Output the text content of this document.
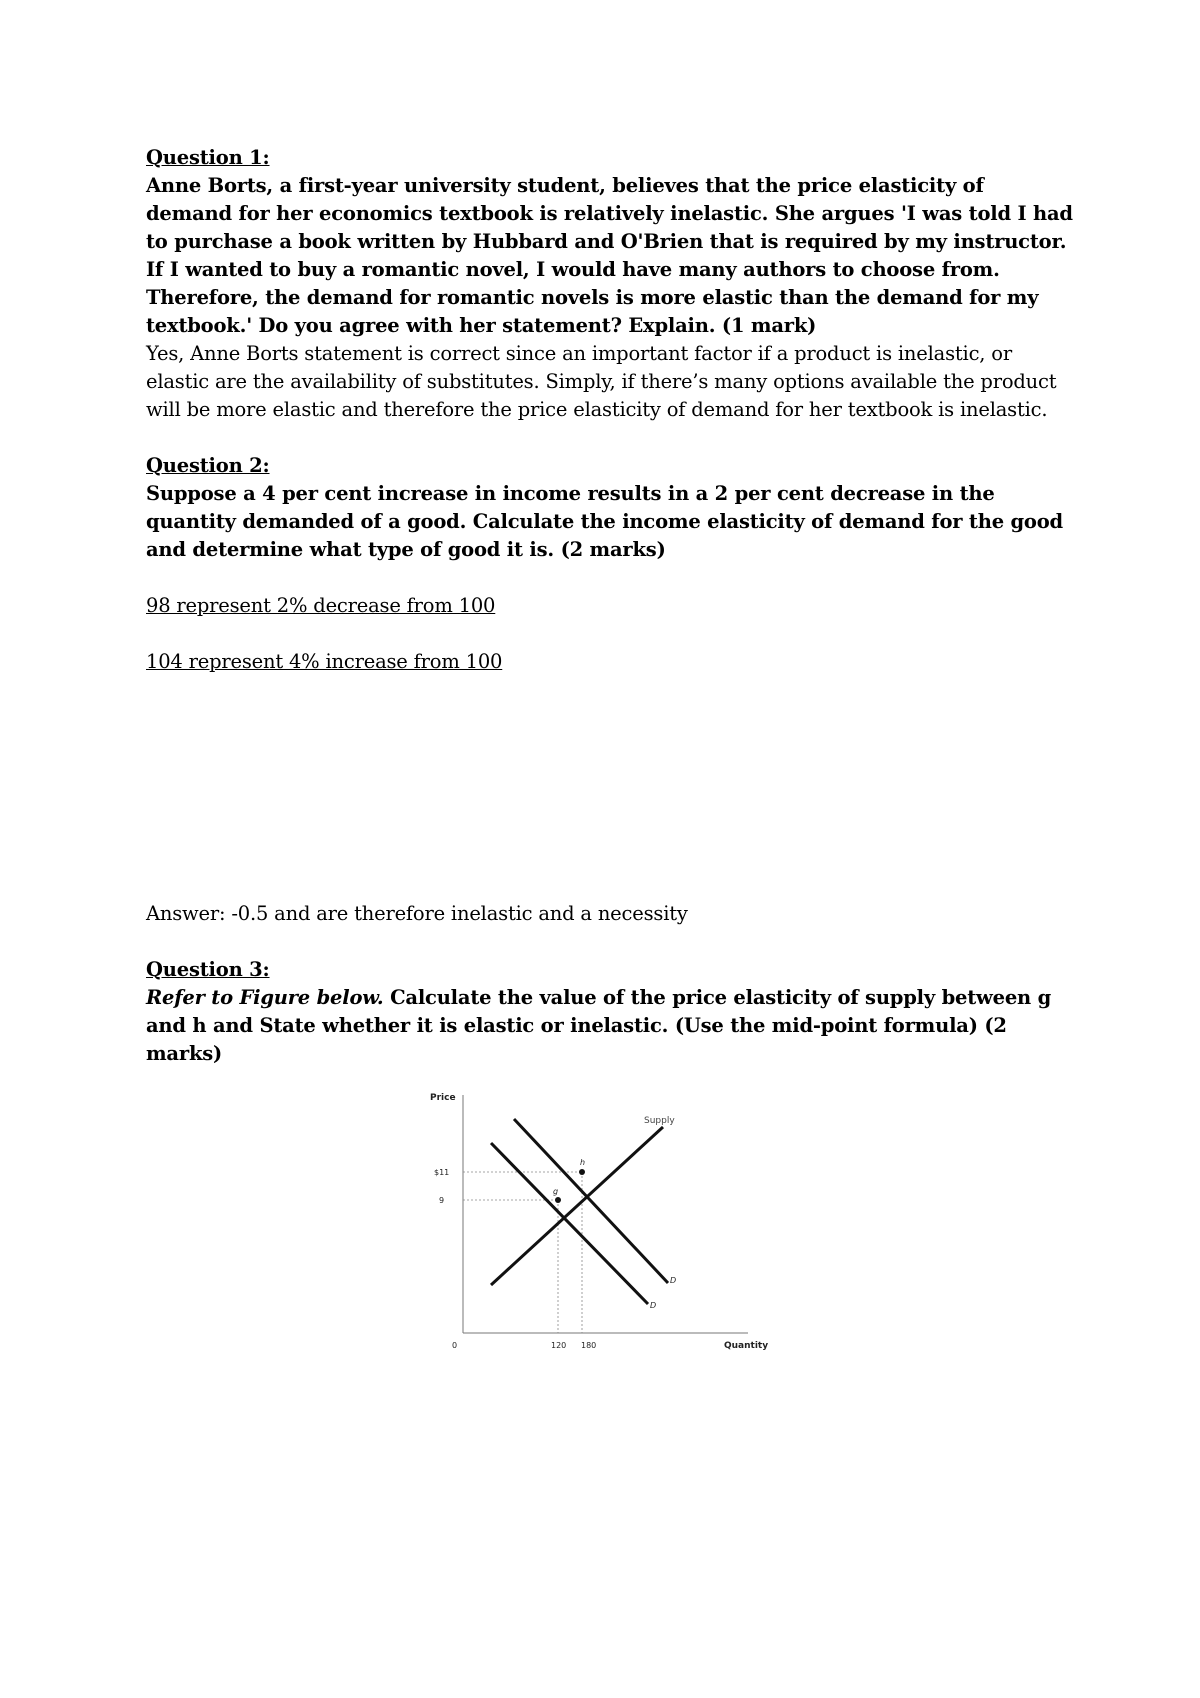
Question 1:
Anne Borts, a first-year university student, believes that the price elasticity of demand for her economics textbook is relatively inelastic. She argues 'I was told I had to purchase a book written by Hubbard and O'Brien that is required by my instructor. If I wanted to buy a romantic novel, I would have many authors to choose from. Therefore, the demand for romantic novels is more elastic than the demand for my textbook.' Do you agree with her statement? Explain. (1 mark)
Yes, Anne Borts statement is correct since an important factor if a product is inelastic, or elastic are the availability of substitutes. Simply, if there’s many options available the product will be more elastic and therefore the price elasticity of demand for her textbook is inelastic.
Question 2:
Suppose a 4 per cent increase in income results in a 2 per cent decrease in the quantity demanded of a good. Calculate the income elasticity of demand for the good and determine what type of good it is. (2 marks)
98 represent 2% decrease from 100
104 represent 4% increase from 100
Answer: -0.5 and are therefore inelastic and a necessity
Question 3:
Refer to Figure below. Calculate the value of the price elasticity of supply between g and h and State whether it is elastic or inelastic. (Use the mid-point formula) (2 marks)
Price
Quantity
0
$11
9
120 180
g
h
Supply
D
D
